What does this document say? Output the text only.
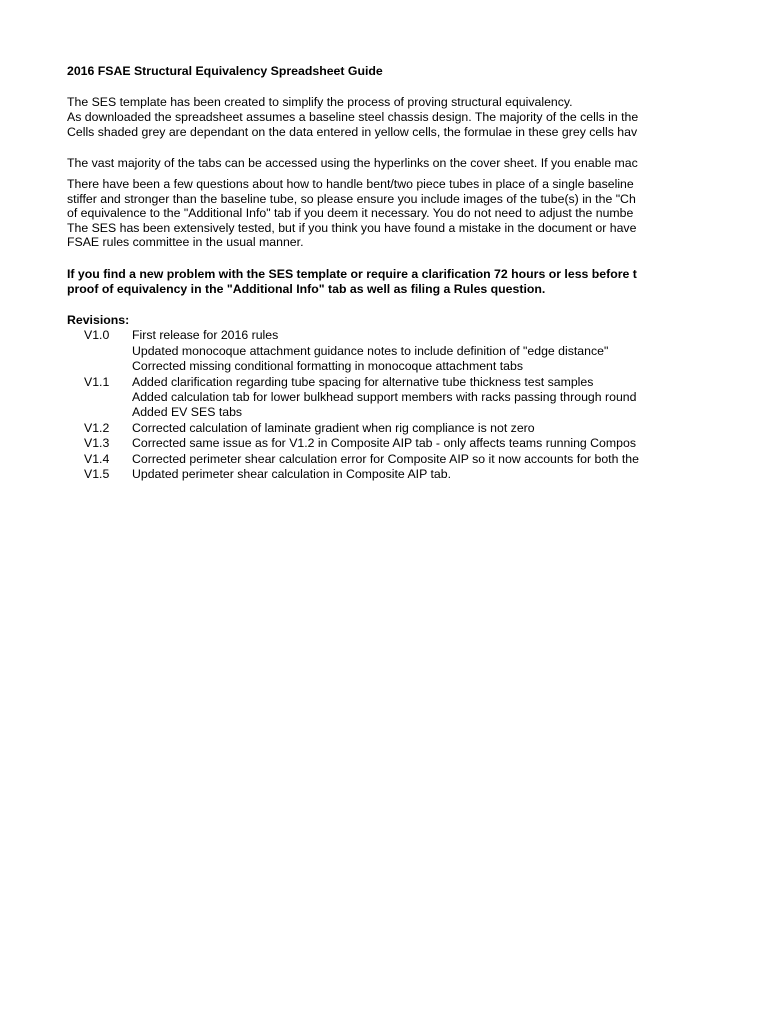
2016 FSAE Structural Equivalency Spreadsheet Guide
The SES template has been created to simplify the process of proving structural equivalency.
As downloaded the spreadsheet assumes a baseline steel chassis design. The majority of the cells in the
Cells shaded grey are dependant on the data entered in yellow cells, the formulae in these grey cells hav
The vast majority of the tabs can be accessed using the hyperlinks on the cover sheet. If you enable mac
There have been a few questions about how to handle bent/two piece tubes in place of a single baseline
stiffer and stronger than the baseline tube, so please ensure you include images of the tube(s) in the "Ch
of equivalence to the "Additional Info" tab if you deem it necessary. You do not need to adjust the numbe
The SES has been extensively tested, but if you think you have found a mistake in the document or have
FSAE rules committee in the usual manner.
If you find a new problem with the SES template or require a clarification 72 hours or less before t
proof of equivalency in the "Additional Info" tab as well as filing a Rules question.
Revisions:
V1.0 First release for 2016 rules
Updated monocoque attachment guidance notes to include definition of "edge distance"
Corrected missing conditional formatting in monocoque attachment tabs
V1.1 Added clarification regarding tube spacing for alternative tube thickness test samples
Added calculation tab for lower bulkhead support members with racks passing through round
Added EV SES tabs
V1.2 Corrected calculation of laminate gradient when rig compliance is not zero
V1.3 Corrected same issue as for V1.2 in Composite AIP tab - only affects teams running Compos
V1.4 Corrected perimeter shear calculation error for Composite AIP so it now accounts for both the
V1.5 Updated perimeter shear calculation in Composite AIP tab.
